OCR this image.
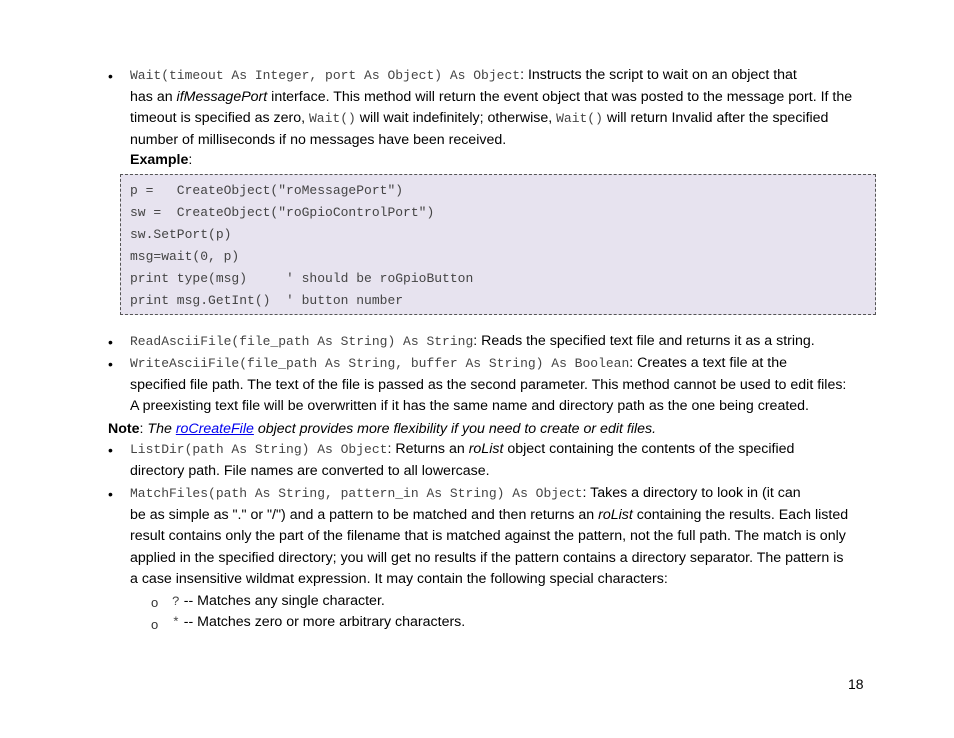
• Wait(timeout As Integer, port As Object) As Object: Instructs the script to wait on an object that
has an ifMessagePort interface. This method will return the event object that was posted to the message port. If the
timeout is specified as zero, Wait() will wait indefinitely; otherwise, Wait() will return Invalid after the specified
number of milliseconds if no messages have been received.
Example:
p =   CreateObject("roMessagePort")
sw =  CreateObject("roGpioControlPort")
sw.SetPort(p)
msg=wait(0, p)
print type(msg)     ' should be roGpioButton
print msg.GetInt()  ' button number
• ReadAsciiFile(file_path As String) As String: Reads the specified text file and returns it as a string.
• WriteAsciiFile(file_path As String, buffer As String) As Boolean: Creates a text file at the
specified file path. The text of the file is passed as the second parameter. This method cannot be used to edit files:
A preexisting text file will be overwritten if it has the same name and directory path as the one being created.
Note: The roCreateFile object provides more flexibility if you need to create or edit files.
• ListDir(path As String) As Object: Returns an roList object containing the contents of the specified
directory path. File names are converted to all lowercase.
• MatchFiles(path As String, pattern_in As String) As Object: Takes a directory to look in (it can
be as simple as "." or "/") and a pattern to be matched and then returns an roList containing the results. Each listed
result contains only the part of the filename that is matched against the pattern, not the full path. The match is only
applied in the specified directory; you will get no results if the pattern contains a directory separator. The pattern is
a case insensitive wildmat expression. It may contain the following special characters:
o ? -- Matches any single character.
o * -- Matches zero or more arbitrary characters.
18
